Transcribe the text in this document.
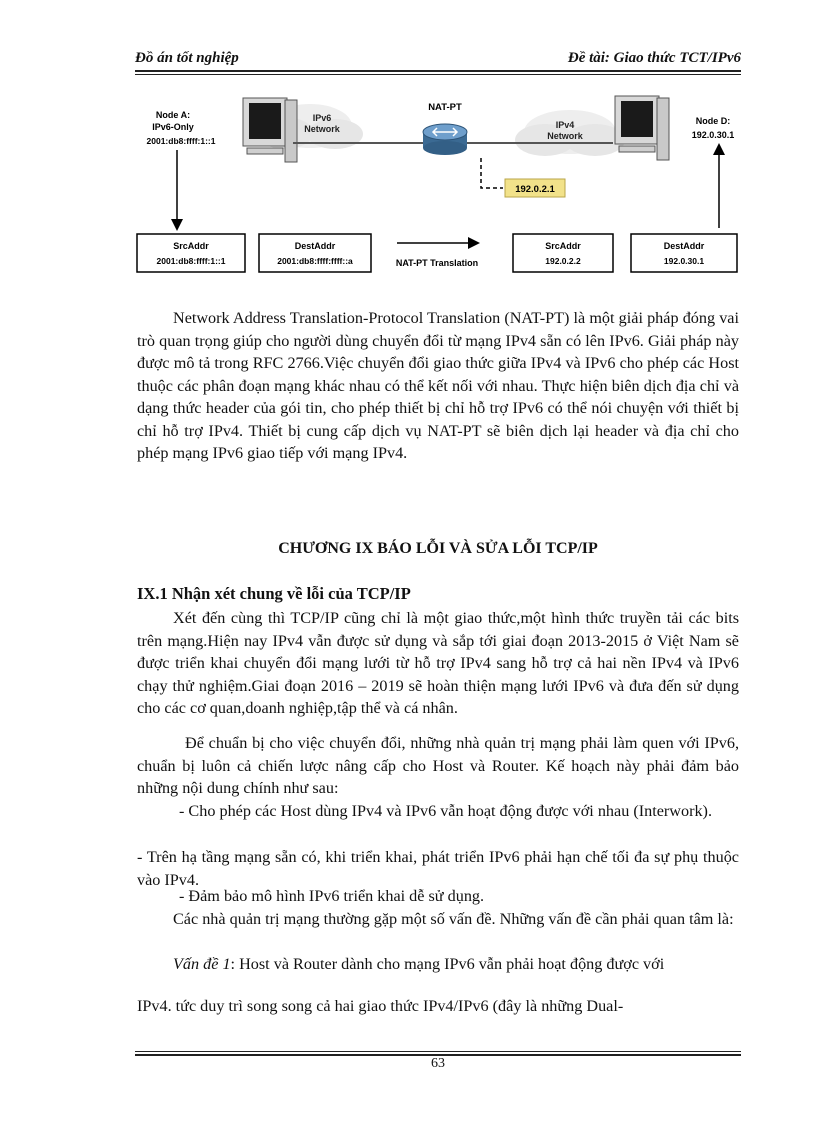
Đồ án tốt nghiệp	Đề tài: Giao thức TCT/IPv6
IPv6
Network	IPv4
Network
Node A:
IPv6-Only
2001:db8:ffff:1::1
Node D:
192.0.30.1
NAT-PT
192.0.2.1
SrcAddr
2001:db8:ffff:1::1
DestAddr
2001:db8:ffff:ffff::a	NAT-PT Translation
SrcAddr
192.0.2.2
DestAddr
192.0.30.1

Network Address Translation-Protocol Translation (NAT-PT) là một giải pháp đóng vai trò quan trọng giúp cho người dùng chuyển đổi từ mạng IPv4 sẵn có lên IPv6. Giải pháp này được mô tả trong RFC 2766.Việc chuyển đổi giao thức giữa IPv4 và IPv6 cho phép các Host thuộc các phân đoạn mạng khác nhau có thể kết nối với nhau. Thực hiện biên dịch địa chỉ và dạng thức header của gói tin, cho phép thiết bị chỉ hỗ trợ IPv6 có thể nói chuyện với thiết bị chỉ hỗ trợ IPv4. Thiết bị cung cấp dịch vụ NAT-PT sẽ biên dịch lại header và địa chỉ cho phép mạng IPv6 giao tiếp với mạng IPv4.

CHƯƠNG IX BÁO LỖI VÀ SỬA LỖI TCP/IP
IX.1 Nhận xét chung về lỗi của TCP/IP

Xét đến cùng thì TCP/IP cũng chỉ là một giao thức,một hình thức truyền tải các bits trên mạng.Hiện nay IPv4 vẫn được sử dụng và sắp tới giai đoạn 2013-2015 ở Việt Nam sẽ được triển khai chuyển đổi mạng lưới từ hỗ trợ IPv4 sang hỗ trợ cả hai nền IPv4 và IPv6 chạy thử nghiệm.Giai đoạn 2016 – 2019 sẽ hoàn thiện mạng lưới IPv6 và đưa đến sử dụng cho các cơ quan,doanh nghiệp,tập thể và cá nhân.

Để chuẩn bị cho việc chuyển đổi, những nhà quản trị mạng phải làm quen với IPv6, chuẩn bị luôn cả chiến lược nâng cấp cho Host và Router. Kế hoạch này phải đảm bảo những nội dung chính như sau:

- Cho phép các Host dùng IPv4 và IPv6 vẫn hoạt động được với nhau (Interwork).

- Trên hạ tầng mạng sẵn có, khi triển khai, phát triển IPv6 phải hạn chế tối đa sự phụ thuộc vào IPv4.

- Đảm bảo mô hình IPv6 triển khai dễ sử dụng.

Các nhà quản trị mạng thường gặp một số vấn đề. Những vấn đề cần phải quan tâm là:

Vấn đề 1: Host và Router dành cho mạng IPv6 vẫn phải hoạt động được với

IPv4. tức duy trì song song cả hai giao thức IPv4/IPv6 (đây là những Dual-

63
